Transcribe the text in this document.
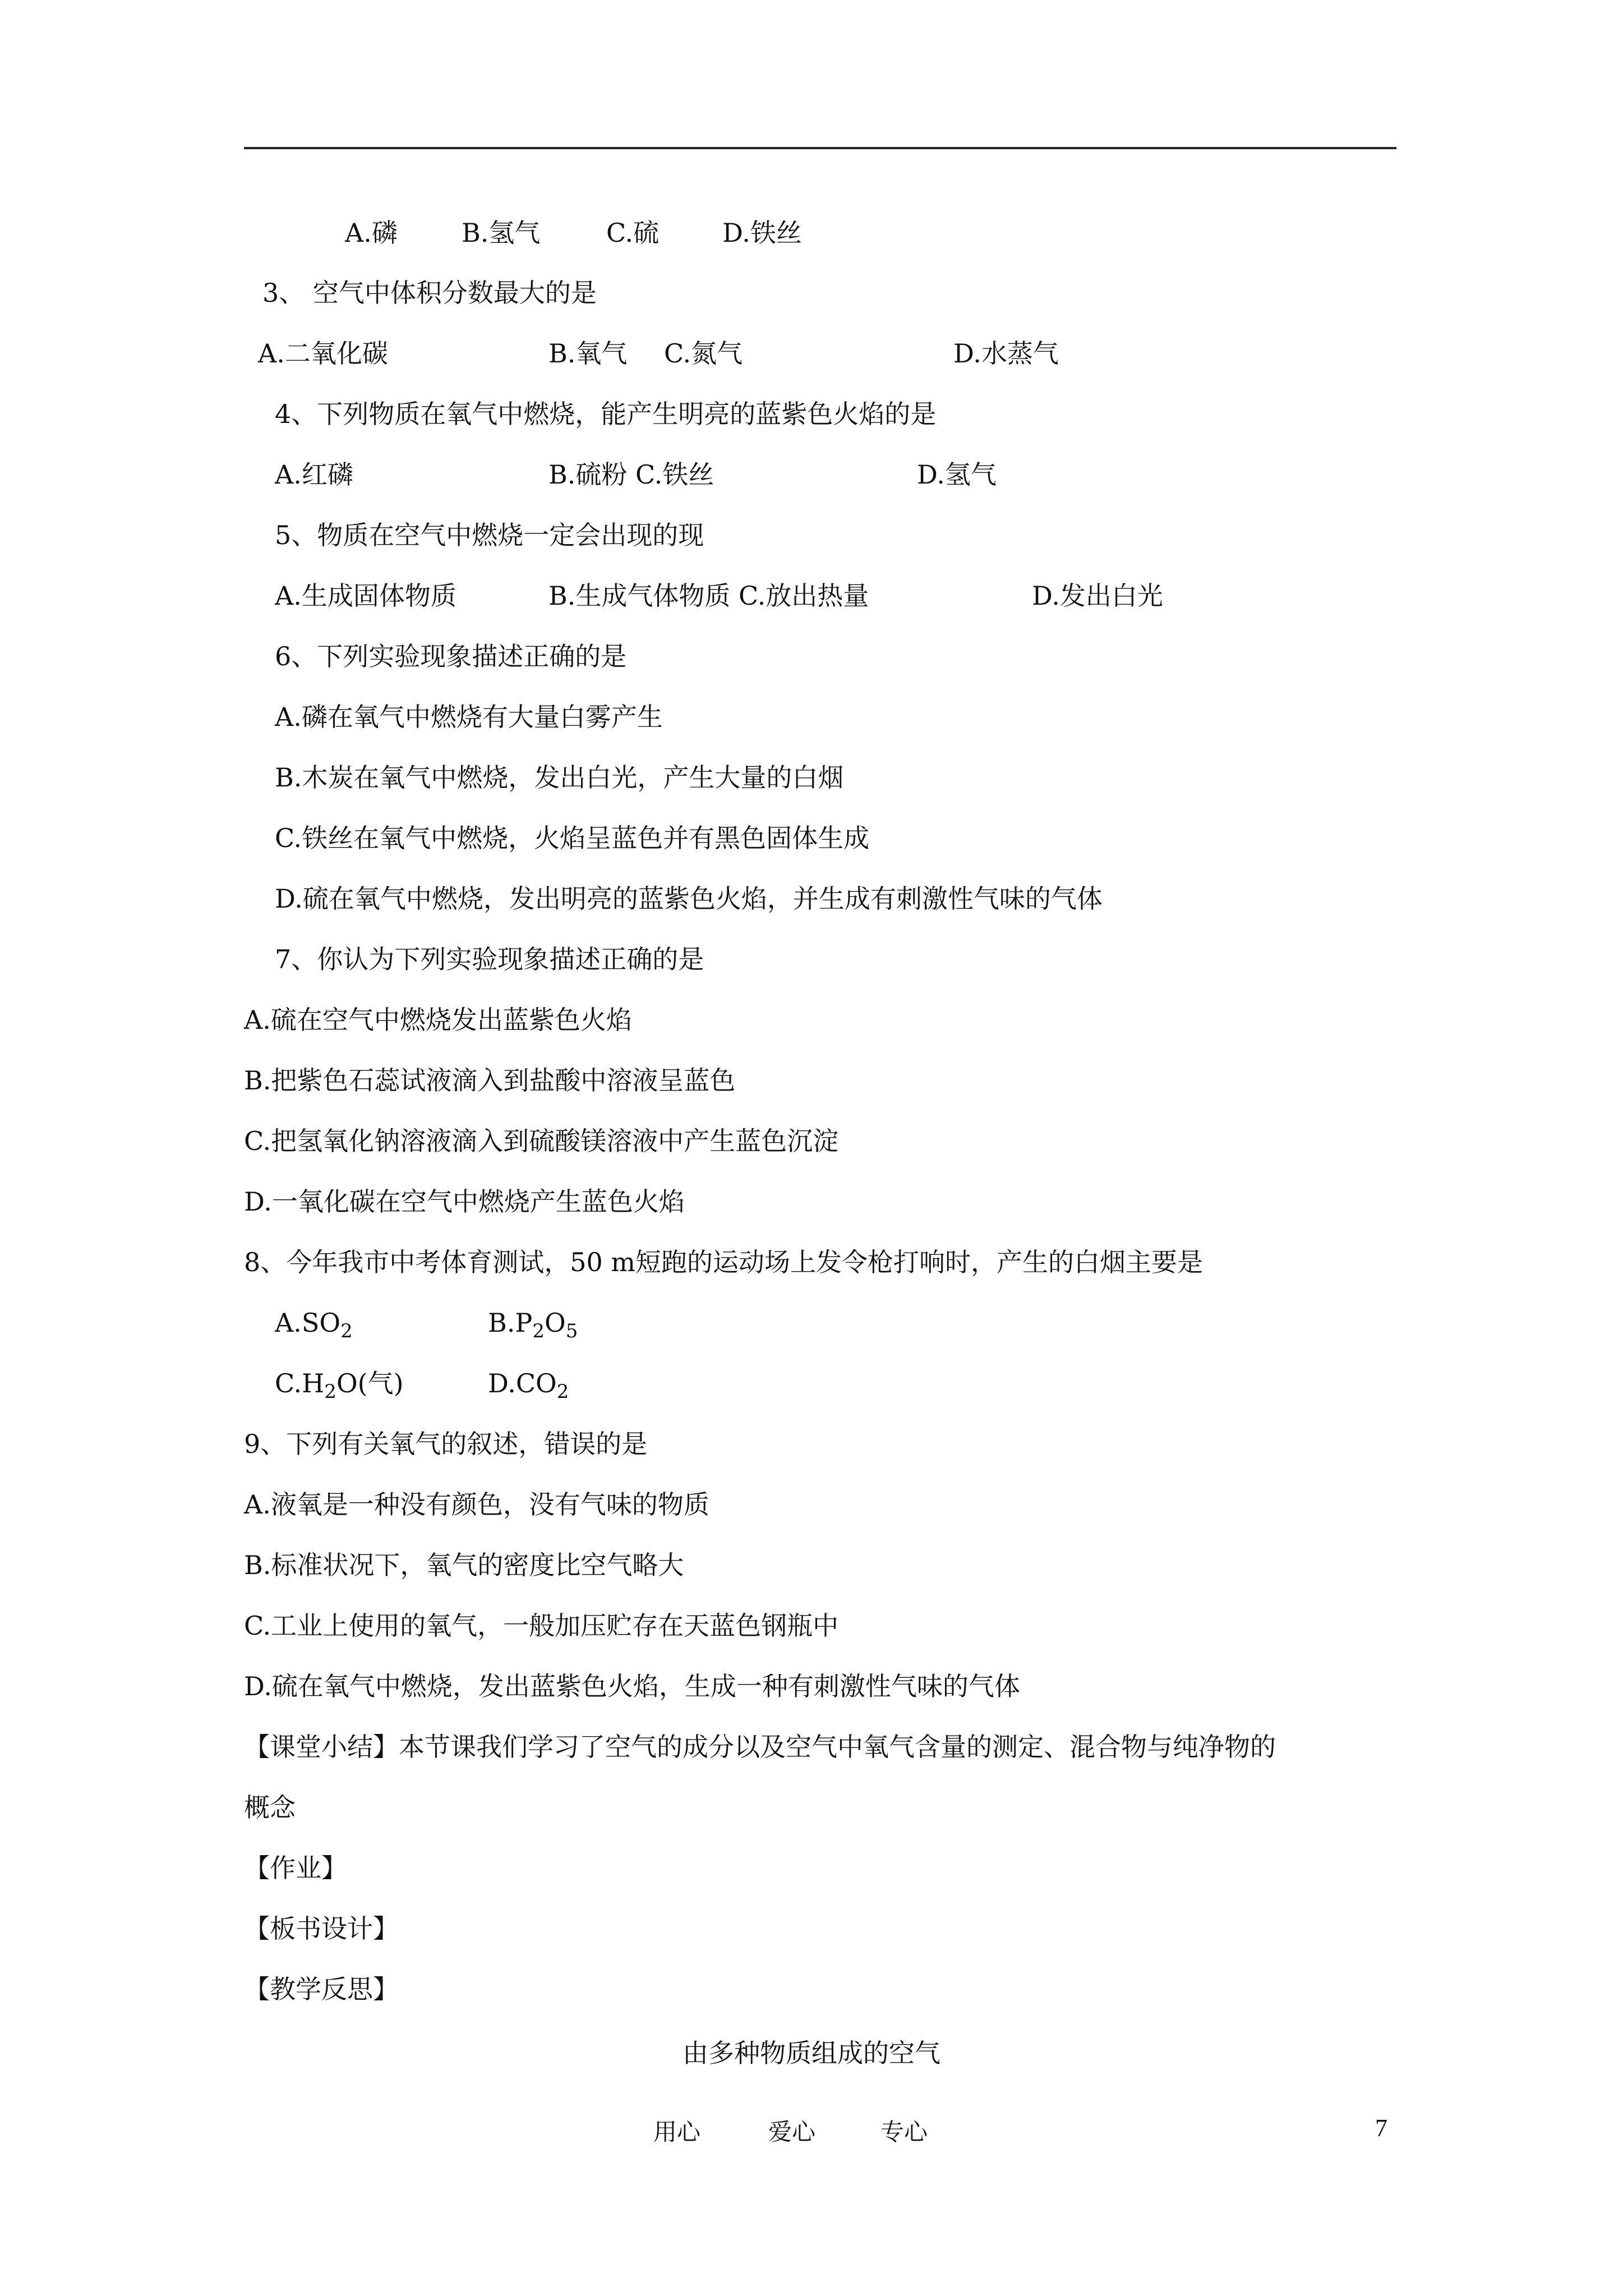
A.磷 B.氢气	C.硫 D.铁丝
3、 空气中体积分数最大的是
A.二氧化碳	B.氧气 C.氮气	D.水蒸气
4、下列物质在氧气中燃烧，能产生明亮的蓝紫色火焰的是
A.红磷	B.硫粉 C.铁丝	D.氢气
5、物质在空气中燃烧一定会出现的现
A.生成固体物质	B.生成气体物质 C.放出热量	D.发出白光
6、下列实验现象描述正确的是
A.磷在氧气中燃烧有大量白雾产生
B.木炭在氧气中燃烧，发出白光，产生大量的白烟
C.铁丝在氧气中燃烧，火焰呈蓝色并有黑色固体生成
D.硫在氧气中燃烧，发出明亮的蓝紫色火焰，并生成有刺激性气味的气体
7、你认为下列实验现象描述正确的是
A.硫在空气中燃烧发出蓝紫色火焰
B.把紫色石蕊试液滴入到盐酸中溶液呈蓝色
C.把氢氧化钠溶液滴入到硫酸镁溶液中产生蓝色沉淀
D.一氧化碳在空气中燃烧产生蓝色火焰
8、今年我市中考体育测试，50 m短跑的运动场上发令枪打响时，产生的白烟主要是
$A.SO_2$	$B.P_2O_5$
$C.H_2O$(气)	$D.CO_2$
9、下列有关氧气的叙述，错误的是
A.液氧是一种没有颜色，没有气味的物质
B.标准状况下，氧气的密度比空气略大
C.工业上使用的氧气，一般加压贮存在天蓝色钢瓶中
D.硫在氧气中燃烧，发出蓝紫色火焰，生成一种有刺激性气味的气体
【课堂小结】本节课我们学习了空气的成分以及空气中氧气含量的测定、混合物与纯净物的
概念
【作业】
【板书设计】
【教学反思】
由多种物质组成的空气
用心	爱心	专心	7
